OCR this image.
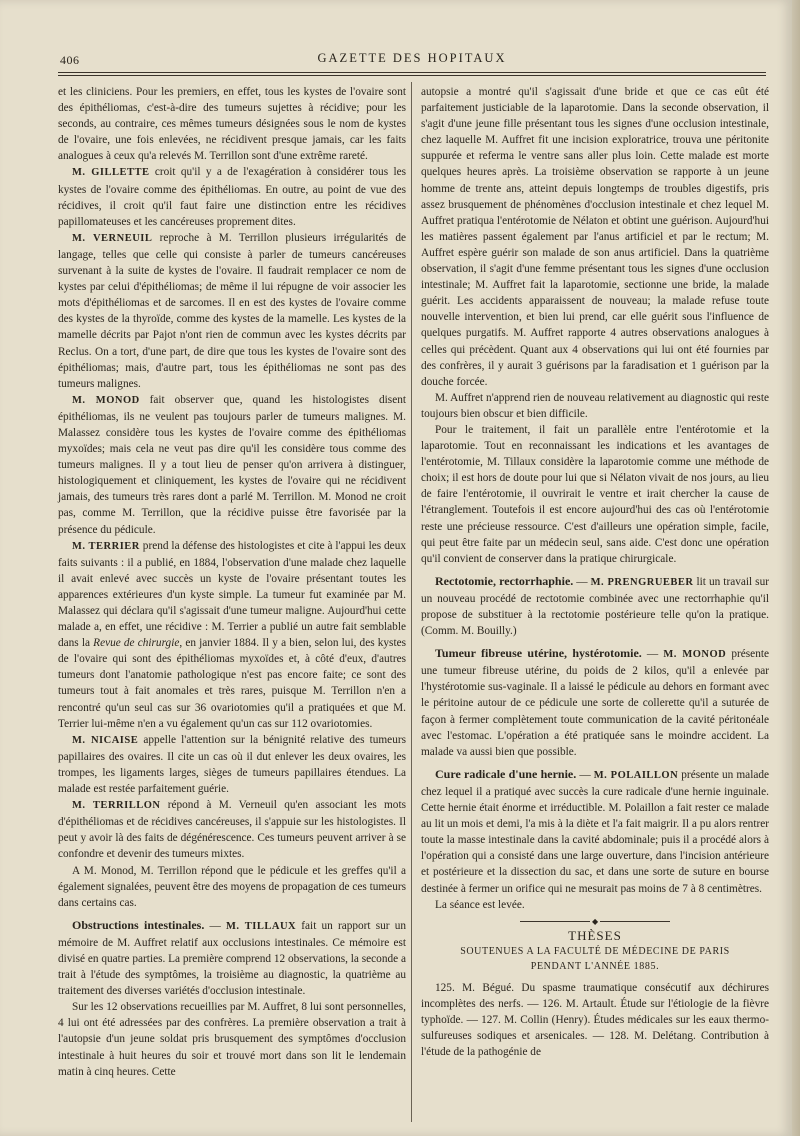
406	GAZETTE DES HOPITAUX

et les cliniciens. Pour les premiers, en effet, tous les kystes de l'ovaire sont des épithéliomas, c'est-à-dire des tumeurs sujettes à récidive; pour les seconds, au contraire, ces mêmes tumeurs désignées sous le nom de kystes de l'ovaire, une fois enlevées, ne récidivent presque jamais, car les faits analogues à ceux qu'a relevés M. Terrillon sont d'une extrême rareté.

M. GILLETTE croit qu'il y a de l'exagération à considérer tous les kystes de l'ovaire comme des épithéliomas. En outre, au point de vue des récidives, il croit qu'il faut faire une distinction entre les récidives papillomateuses et les cancéreuses proprement dites.

M. VERNEUIL reproche à M. Terrillon plusieurs irrégularités de langage, telles que celle qui consiste à parler de tumeurs cancéreuses survenant à la suite de kystes de l'ovaire. Il faudrait remplacer ce nom de kystes par celui d'épithéliomas; de même il lui répugne de voir associer les mots d'épithéliomas et de sarcomes. Il en est des kystes de l'ovaire comme des kystes de la thyroïde, comme des kystes de la mamelle. Les kystes de la mamelle décrits par Pajot n'ont rien de commun avec les kystes décrits par Reclus. On a tort, d'une part, de dire que tous les kystes de l'ovaire sont des épithéliomas; mais, d'autre part, tous les épithéliomas ne sont pas des tumeurs malignes.

M. MONOD fait observer que, quand les histologistes disent épithéliomas, ils ne veulent pas toujours parler de tumeurs malignes. M. Malassez considère tous les kystes de l'ovaire comme des épithéliomas myxoïdes; mais cela ne veut pas dire qu'il les considère tous comme des tumeurs malignes. Il y a tout lieu de penser qu'on arrivera à distinguer, histologiquement et cliniquement, les kystes de l'ovaire qui ne récidivent jamais, des tumeurs très rares dont a parlé M. Terrillon. M. Monod ne croit pas, comme M. Terrillon, que la récidive puisse être favorisée par la présence du pédicule.

M. TERRIER prend la défense des histologistes et cite à l'appui les deux faits suivants : il a publié, en 1884, l'observation d'une malade chez laquelle il avait enlevé avec succès un kyste de l'ovaire présentant toutes les apparences extérieures d'un kyste simple. La tumeur fut examinée par M. Malassez qui déclara qu'il s'agissait d'une tumeur maligne. Aujourd'hui cette malade a, en effet, une récidive : M. Terrier a publié un autre fait semblable dans la Revue de chirurgie, en janvier 1884. Il y a bien, selon lui, des kystes de l'ovaire qui sont des épithéliomas myxoïdes et, à côté d'eux, d'autres tumeurs dont l'anatomie pathologique n'est pas encore faite; ce sont des tumeurs tout à fait anomales et très rares, puisque M. Terrillon n'en a rencontré qu'un seul cas sur 36 ovariotomies qu'il a pratiquées et que M. Terrier lui-même n'en a vu également qu'un cas sur 112 ovariotomies.

M. NICAISE appelle l'attention sur la bénignité relative des tumeurs papillaires des ovaires. Il cite un cas où il dut enlever les deux ovaires, les trompes, les ligaments larges, sièges de tumeurs papillaires étendues. La malade est restée parfaitement guérie.

M. TERRILLON répond à M. Verneuil qu'en associant les mots d'épithéliomas et de récidives cancéreuses, il s'appuie sur les histologistes. Il peut y avoir là des faits de dégénérescence. Ces tumeurs peuvent arriver à se confondre et devenir des tumeurs mixtes.

A M. Monod, M. Terrillon répond que le pédicule et les greffes qu'il a également signalées, peuvent être des moyens de propagation de ces tumeurs dans certains cas.

Obstructions intestinales. — M. TILLAUX fait un rapport sur un mémoire de M. Auffret relatif aux occlusions intestinales. Ce mémoire est divisé en quatre parties. La première comprend 12 observations, la seconde a trait à l'étude des symptômes, la troisième au diagnostic, la quatrième au traitement des diverses variétés d'occlusion intestinale.

Sur les 12 observations recueillies par M. Auffret, 8 lui sont personnelles, 4 lui ont été adressées par des confrères. La première observation a trait à l'autopsie d'un jeune soldat pris brusquement des symptômes d'occlusion intestinale à huit heures du soir et trouvé mort dans son lit le lendemain matin à cinq heures. Cette

autopsie a montré qu'il s'agissait d'une bride et que ce cas eût été parfaitement justiciable de la laparotomie. Dans la seconde observation, il s'agit d'une jeune fille présentant tous les signes d'une occlusion intestinale, chez laquelle M. Auffret fit une incision exploratrice, trouva une péritonite suppurée et referma le ventre sans aller plus loin. Cette malade est morte quelques heures après. La troisième observation se rapporte à un jeune homme de trente ans, atteint depuis longtemps de troubles digestifs, pris assez brusquement de phénomènes d'occlusion intestinale et chez lequel M. Auffret pratiqua l'entérotomie de Nélaton et obtint une guérison. Aujourd'hui les matières passent également par l'anus artificiel et par le rectum; M. Auffret espère guérir son malade de son anus artificiel. Dans la quatrième observation, il s'agit d'une femme présentant tous les signes d'une occlusion intestinale; M. Auffret fait la laparotomie, sectionne une bride, la malade guérit. Les accidents apparaissent de nouveau; la malade refuse toute nouvelle intervention, et bien lui prend, car elle guérit sous l'influence de quelques purgatifs. M. Auffret rapporte 4 autres observations analogues à celles qui précèdent. Quant aux 4 observations qui lui ont été fournies par des confrères, il y aurait 3 guérisons par la faradisation et 1 guérison par la douche forcée.

M. Auffret n'apprend rien de nouveau relativement au diagnostic qui reste toujours bien obscur et bien difficile.

Pour le traitement, il fait un parallèle entre l'entérotomie et la laparotomie. Tout en reconnaissant les indications et les avantages de l'entérotomie, M. Tillaux considère la laparotomie comme une méthode de choix; il est hors de doute pour lui que si Nélaton vivait de nos jours, au lieu de faire l'entérotomie, il ouvrirait le ventre et irait chercher la cause de l'étranglement. Toutefois il est encore aujourd'hui des cas où l'entérotomie reste une précieuse ressource. C'est d'ailleurs une opération simple, facile, qui peut être faite par un médecin seul, sans aide. C'est donc une opération qu'il convient de conserver dans la pratique chirurgicale.

Rectotomie, rectorrhaphie. — M. PRENGRUEBER lit un travail sur un nouveau procédé de rectotomie combinée avec une rectorrhaphie qu'il propose de substituer à la rectotomie postérieure telle qu'on la pratique. (Comm. M. Bouilly.)

Tumeur fibreuse utérine, hystérotomie. — M. MONOD présente une tumeur fibreuse utérine, du poids de 2 kilos, qu'il a enlevée par l'hystérotomie sus-vaginale. Il a laissé le pédicule au dehors en formant avec le péritoine autour de ce pédicule une sorte de collerette qu'il a suturée de façon à fermer complètement toute communication de la cavité péritonéale avec l'estomac. L'opération a été pratiquée sans le moindre accident. La malade va aussi bien que possible.

Cure radicale d'une hernie. — M. POLAILLON présente un malade chez lequel il a pratiqué avec succès la cure radicale d'une hernie inguinale. Cette hernie était énorme et irréductible. M. Polaillon a fait rester ce malade au lit un mois et demi, l'a mis à la diète et l'a fait maigrir. Il a pu alors rentrer toute la masse intestinale dans la cavité abdominale; puis il a procédé alors à l'opération qui a consisté dans une large ouverture, dans l'incision antérieure et postérieure et la dissection du sac, et dans une sorte de suture en bourse destinée à fermer un orifice qui ne mesurait pas moins de 7 à 8 centimètres.

La séance est levée.

◆

THÈSES

SOUTENUES A LA FACULTÉ DE MÉDECINE DE PARIS

PENDANT L'ANNÉE 1885.

125. M. Bégué. Du spasme traumatique consécutif aux déchirures incomplètes des nerfs. — 126. M. Artault. Étude sur l'étiologie de la fièvre typhoïde. — 127. M. Collin (Henry). Études médicales sur les eaux thermo-sulfureuses sodiques et arsenicales. — 128. M. Delétang. Contribution à l'étude de la pathogénie de
